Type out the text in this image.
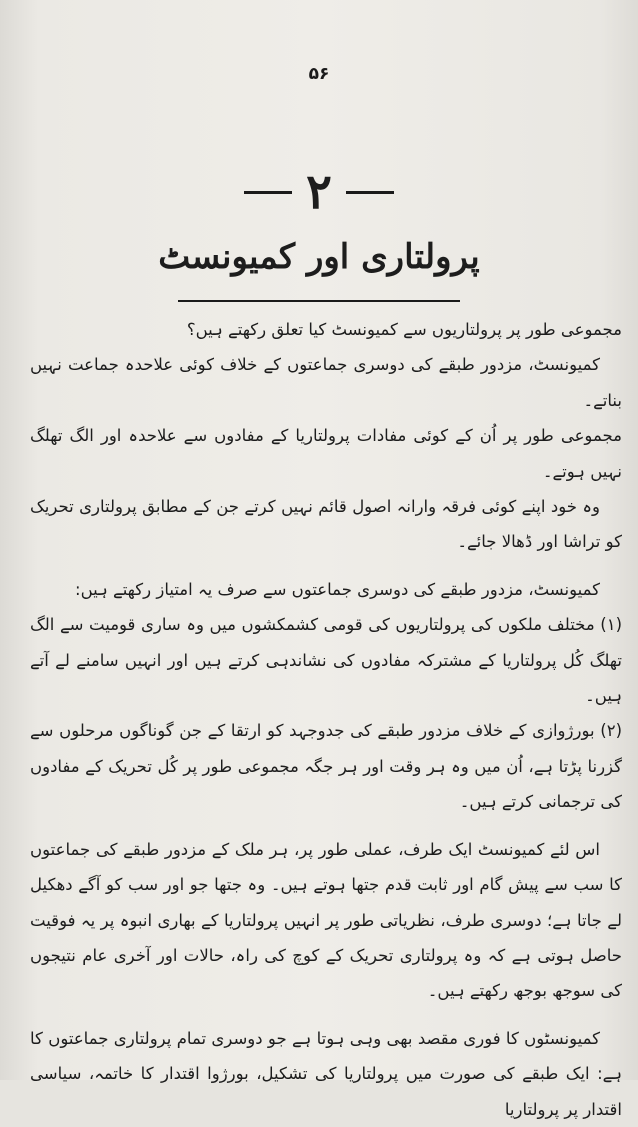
۵۶
۲
پرولتاری اور کمیونسٹ

مجموعی طور پر پرولتاریوں سے کمیونسٹ کیا تعلق رکھتے ہیں؟

کمیونسٹ، مزدور طبقے کی دوسری جماعتوں کے خلاف کوئی علاحدہ جماعت نہیں بناتے۔

مجموعی طور پر اُن کے کوئی مفادات پرولتاریا کے مفادوں سے علاحدہ اور الگ تھلگ نہیں ہوتے۔

وہ خود اپنے کوئی فرقہ وارانہ اصول قائم نہیں کرتے جن کے مطابق پرولتاری تحریک کو تراشا اور ڈھالا جائے۔

کمیونسٹ، مزدور طبقے کی دوسری جماعتوں سے صرف یہ امتیاز رکھتے ہیں:

(۱) مختلف ملکوں کی پرولتاریوں کی قومی کشمکشوں میں وہ ساری قومیت سے الگ تھلگ کُل پرولتاریا کے مشترکہ مفادوں کی نشاندہی کرتے ہیں اور انہیں سامنے لے آتے ہیں۔

(۲) بورژوازی کے خلاف مزدور طبقے کی جدوجہد کو ارتقا کے جن گوناگوں مرحلوں سے گزرنا پڑتا ہے، اُن میں وہ ہر وقت اور ہر جگہ مجموعی طور پر کُل تحریک کے مفادوں کی ترجمانی کرتے ہیں۔

اس لئے کمیونسٹ ایک طرف، عملی طور پر، ہر ملک کے مزدور طبقے کی جماعتوں کا سب سے پیش گام اور ثابت قدم جتھا ہوتے ہیں۔ وہ جتھا جو اور سب کو آگے دھکیل لے جاتا ہے؛ دوسری طرف، نظریاتی طور پر انہیں پرولتاریا کے بھاری انبوہ پر یہ فوقیت حاصل ہوتی ہے کہ وہ پرولتاری تحریک کے کوچ کی راہ، حالات اور آخری عام نتیجوں کی سوجھ بوجھ رکھتے ہیں۔

کمیونسٹوں کا فوری مقصد بھی وہی ہوتا ہے جو دوسری تمام پرولتاری جماعتوں کا ہے: ایک طبقے کی صورت میں پرولتاریا کی تشکیل، بورژوا اقتدار کا خاتمہ، سیاسی اقتدار پر پرولتاریا
